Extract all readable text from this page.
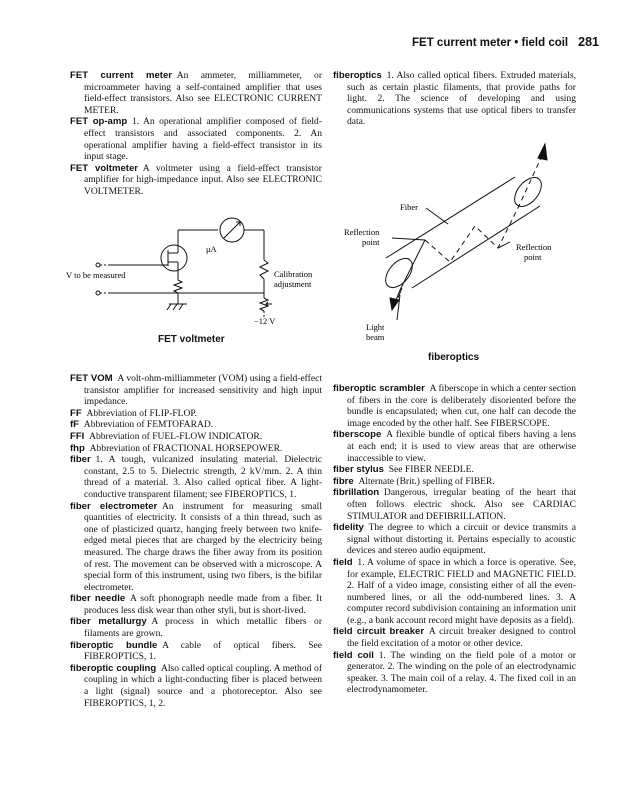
FET current meter • field coil 281

FET current meter  An ammeter, milliammeter, or microammeter having a self-contained amplifier that uses field-effect transistors. Also see ELECTRONIC CURRENT METER.

FET op-amp  1. An operational amplifier composed of field-effect transistors and associated components. 2. An operational amplifier having a field-effect transistor in its input stage.

FET voltmeter  A voltmeter using a field-effect transistor amplifier for high-impedance input. Also see ELECTRONIC VOLTMETER.

fiberoptics  1. Also called optical fibers. Extruded materials, such as certain plastic filaments, that provide paths for light. 2. The science of developing and using communications systems that use optical fibers to transfer data.

V to be measured
μA
Calibration
adjustment
−12 V
FET voltmeter
Fiber
Reflection
point	Reflection
point
Light
beam
fiberoptics

FET VOM  A volt-ohm-milliammeter (VOM) using a field-effect transistor amplifier for increased sensitivity and high input impedance.

FF  Abbreviation of FLIP-FLOP.

fF  Abbreviation of FEMTOFARAD.

FFI  Abbreviation of FUEL-FLOW INDICATOR.

fhp  Abbreviation of FRACTIONAL HORSEPOWER.

fiber  1. A tough, vulcanized insulating material. Dielectric constant, 2.5 to 5. Dielectric strength, 2 kV/mm. 2. A thin thread of a material. 3. Also called optical fiber. A light-conductive transparent filament; see FIBEROPTICS, 1.

fiber electrometer  An instrument for measuring small quantities of electricity. It consists of a thin thread, such as one of plasticized quartz, hanging freely between two knife-edged metal pieces that are charged by the electricity being measured. The charge draws the fiber away from its position of rest. The movement can be observed with a microscope. A special form of this instrument, using two fibers, is the bifilar electrometer.

fiber needle  A soft phonograph needle made from a fiber. It produces less disk wear than other styli, but is short-lived.

fiber metallurgy  A process in which metallic fibers or filaments are grown.

fiberoptic bundle  A cable of optical fibers. See FIBEROPTICS, 1.

fiberoptic coupling  Also called optical coupling. A method of coupling in which a light-conducting fiber is placed between a light (signal) source and a photoreceptor. Also see FIBEROPTICS, 1, 2.

fiberoptic scrambler  A fiberscope in which a center section of fibers in the core is deliberately disoriented before the bundle is encapsulated; when cut, one half can decode the image encoded by the other half. See FIBERSCOPE.

fiberscope  A flexible bundle of optical fibers having a lens at each end; it is used to view areas that are otherwise inaccessible to view.

fiber stylus  See FIBER NEEDLE.

fibre  Alternate (Brit.) spelling of FIBER.

fibrillation  Dangerous, irregular beating of the heart that often follows electric shock. Also see CARDIAC STIMULATOR and DEFIBRILLATION.

fidelity  The degree to which a circuit or device transmits a signal without distorting it. Pertains especially to acoustic devices and stereo audio equipment.

field  1. A volume of space in which a force is operative. See, for example, ELECTRIC FIELD and MAGNETIC FIELD. 2. Half of a video image, consisting either of all the even-numbered lines, or all the odd-numbered lines. 3. A computer record subdivision containing an information unit (e.g., a bank account record might have deposits as a field).

field circuit breaker  A circuit breaker designed to control the field excitation of a motor or other device.

field coil  1. The winding on the field pole of a motor or generator. 2. The winding on the pole of an electrodynamic speaker. 3. The main coil of a relay. 4. The fixed coil in an electrodynamometer.
